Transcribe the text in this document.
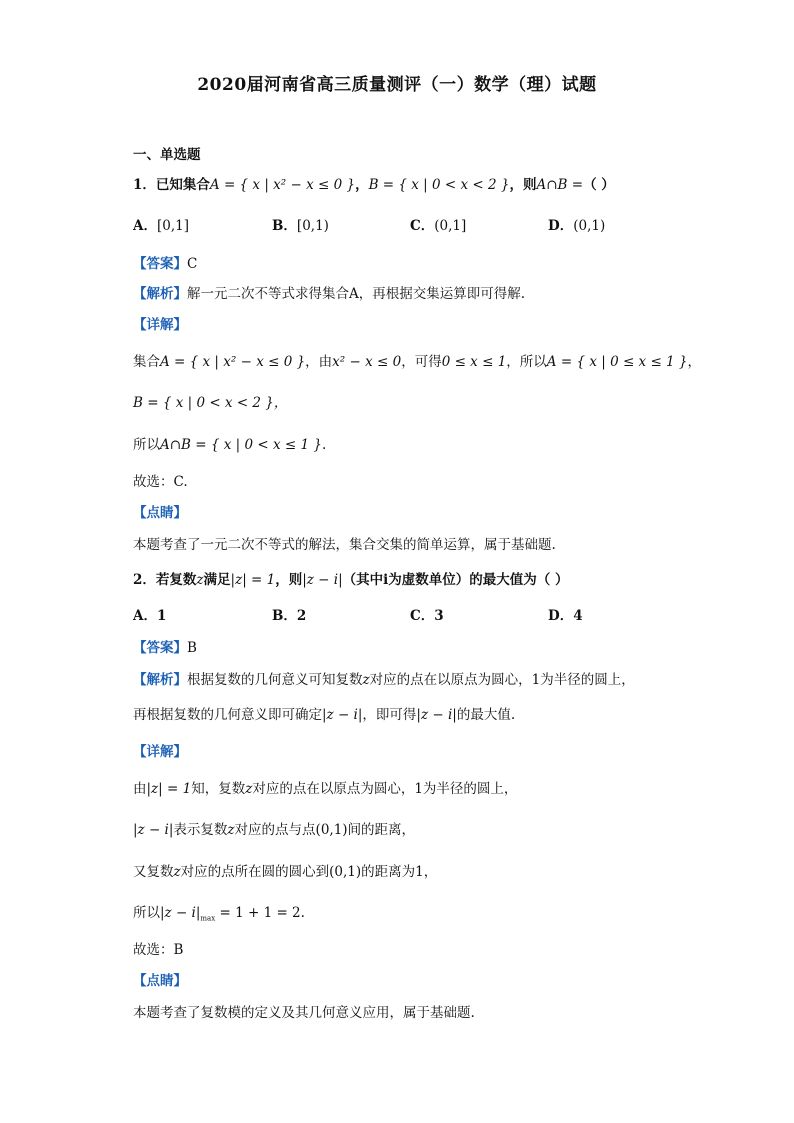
2020届河南省高三质量测评（一）数学（理）试题
一、单选题
1．已知集合A = { x | x² − x ≤ 0 }，B = { x | 0 < x < 2 }，则A∩B =（ ）
A．[0,1]	B．[0,1)	C．(0,1]	D．(0,1)
【答案】C
【解析】解一元二次不等式求得集合A，再根据交集运算即可得解.
【详解】
集合A = { x | x² − x ≤ 0 }，由x² − x ≤ 0，可得0 ≤ x ≤ 1，所以A = { x | 0 ≤ x ≤ 1 }，
B = { x | 0 < x < 2 }，
所以A∩B = { x | 0 < x ≤ 1 }.
故选：C.
【点睛】
本题考查了一元二次不等式的解法，集合交集的简单运算，属于基础题.
2．若复数z满足|z| = 1，则|z − i|（其中i为虚数单位）的最大值为（ ）
A．1	B．2	C．3	D．4
【答案】B
【解析】根据复数的几何意义可知复数z对应的点在以原点为圆心，1为半径的圆上，
再根据复数的几何意义即可确定|z − i|，即可得|z − i|的最大值.
【详解】
由|z| = 1知，复数z对应的点在以原点为圆心，1为半径的圆上，
|z − i|表示复数z对应的点与点(0,1)间的距离，
又复数z对应的点所在圆的圆心到(0,1)的距离为1，
所以$|z - i|_{max} = 1 + 1 = 2$.
故选：B
【点睛】
本题考查了复数模的定义及其几何意义应用，属于基础题.
